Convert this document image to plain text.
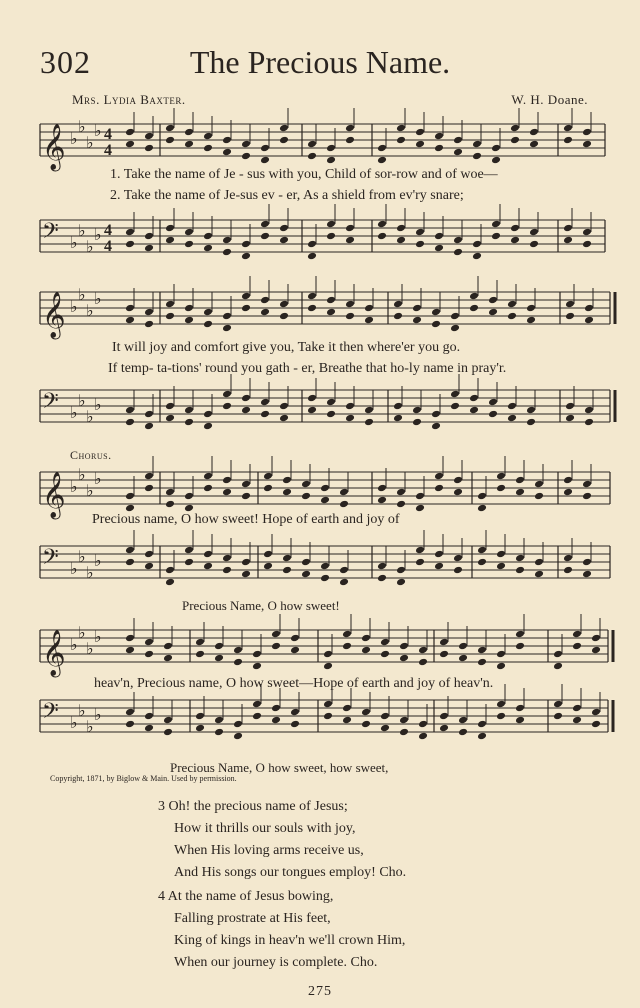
302	The Precious Name.
Mrs. Lydia Baxter.	W. H. Doane.
𝄞 ♭
♭
♭
♭ 4
4
1. Take the name of Je - sus with you, Child of sor-row and of woe—
2. Take the name of Je-sus ev - er, As a shield from ev'ry snare;
𝄢 ♭
♭
♭
♭ 4
4
𝄞 ♭
♭
♭
♭
It will joy and comfort give you, Take it then where'er you go.
If temp- ta-tions' round you gath - er, Breathe that ho-ly name in pray'r.
𝄢 ♭
♭
♭
♭
Chorus.
𝄞 ♭
♭
♭
♭
Precious name, O how sweet! Hope of earth and joy of
𝄢 ♭
♭
♭
♭
Precious Name, O how sweet!
𝄞 ♭
♭
♭
♭
heav'n, Precious name, O how sweet—Hope of earth and joy of heav'n.
𝄢 ♭
♭
♭
♭
Precious Name, O how sweet, how sweet,
Copyright, 1871, by Biglow & Main. Used by permission.
3 Oh! the precious name of Jesus;
How it thrills our souls with joy,
When His loving arms receive us,
And His songs our tongues employ! Cho.
4 At the name of Jesus bowing,
Falling prostrate at His feet,
King of kings in heav'n we'll crown Him,
When our journey is complete. Cho.
275
